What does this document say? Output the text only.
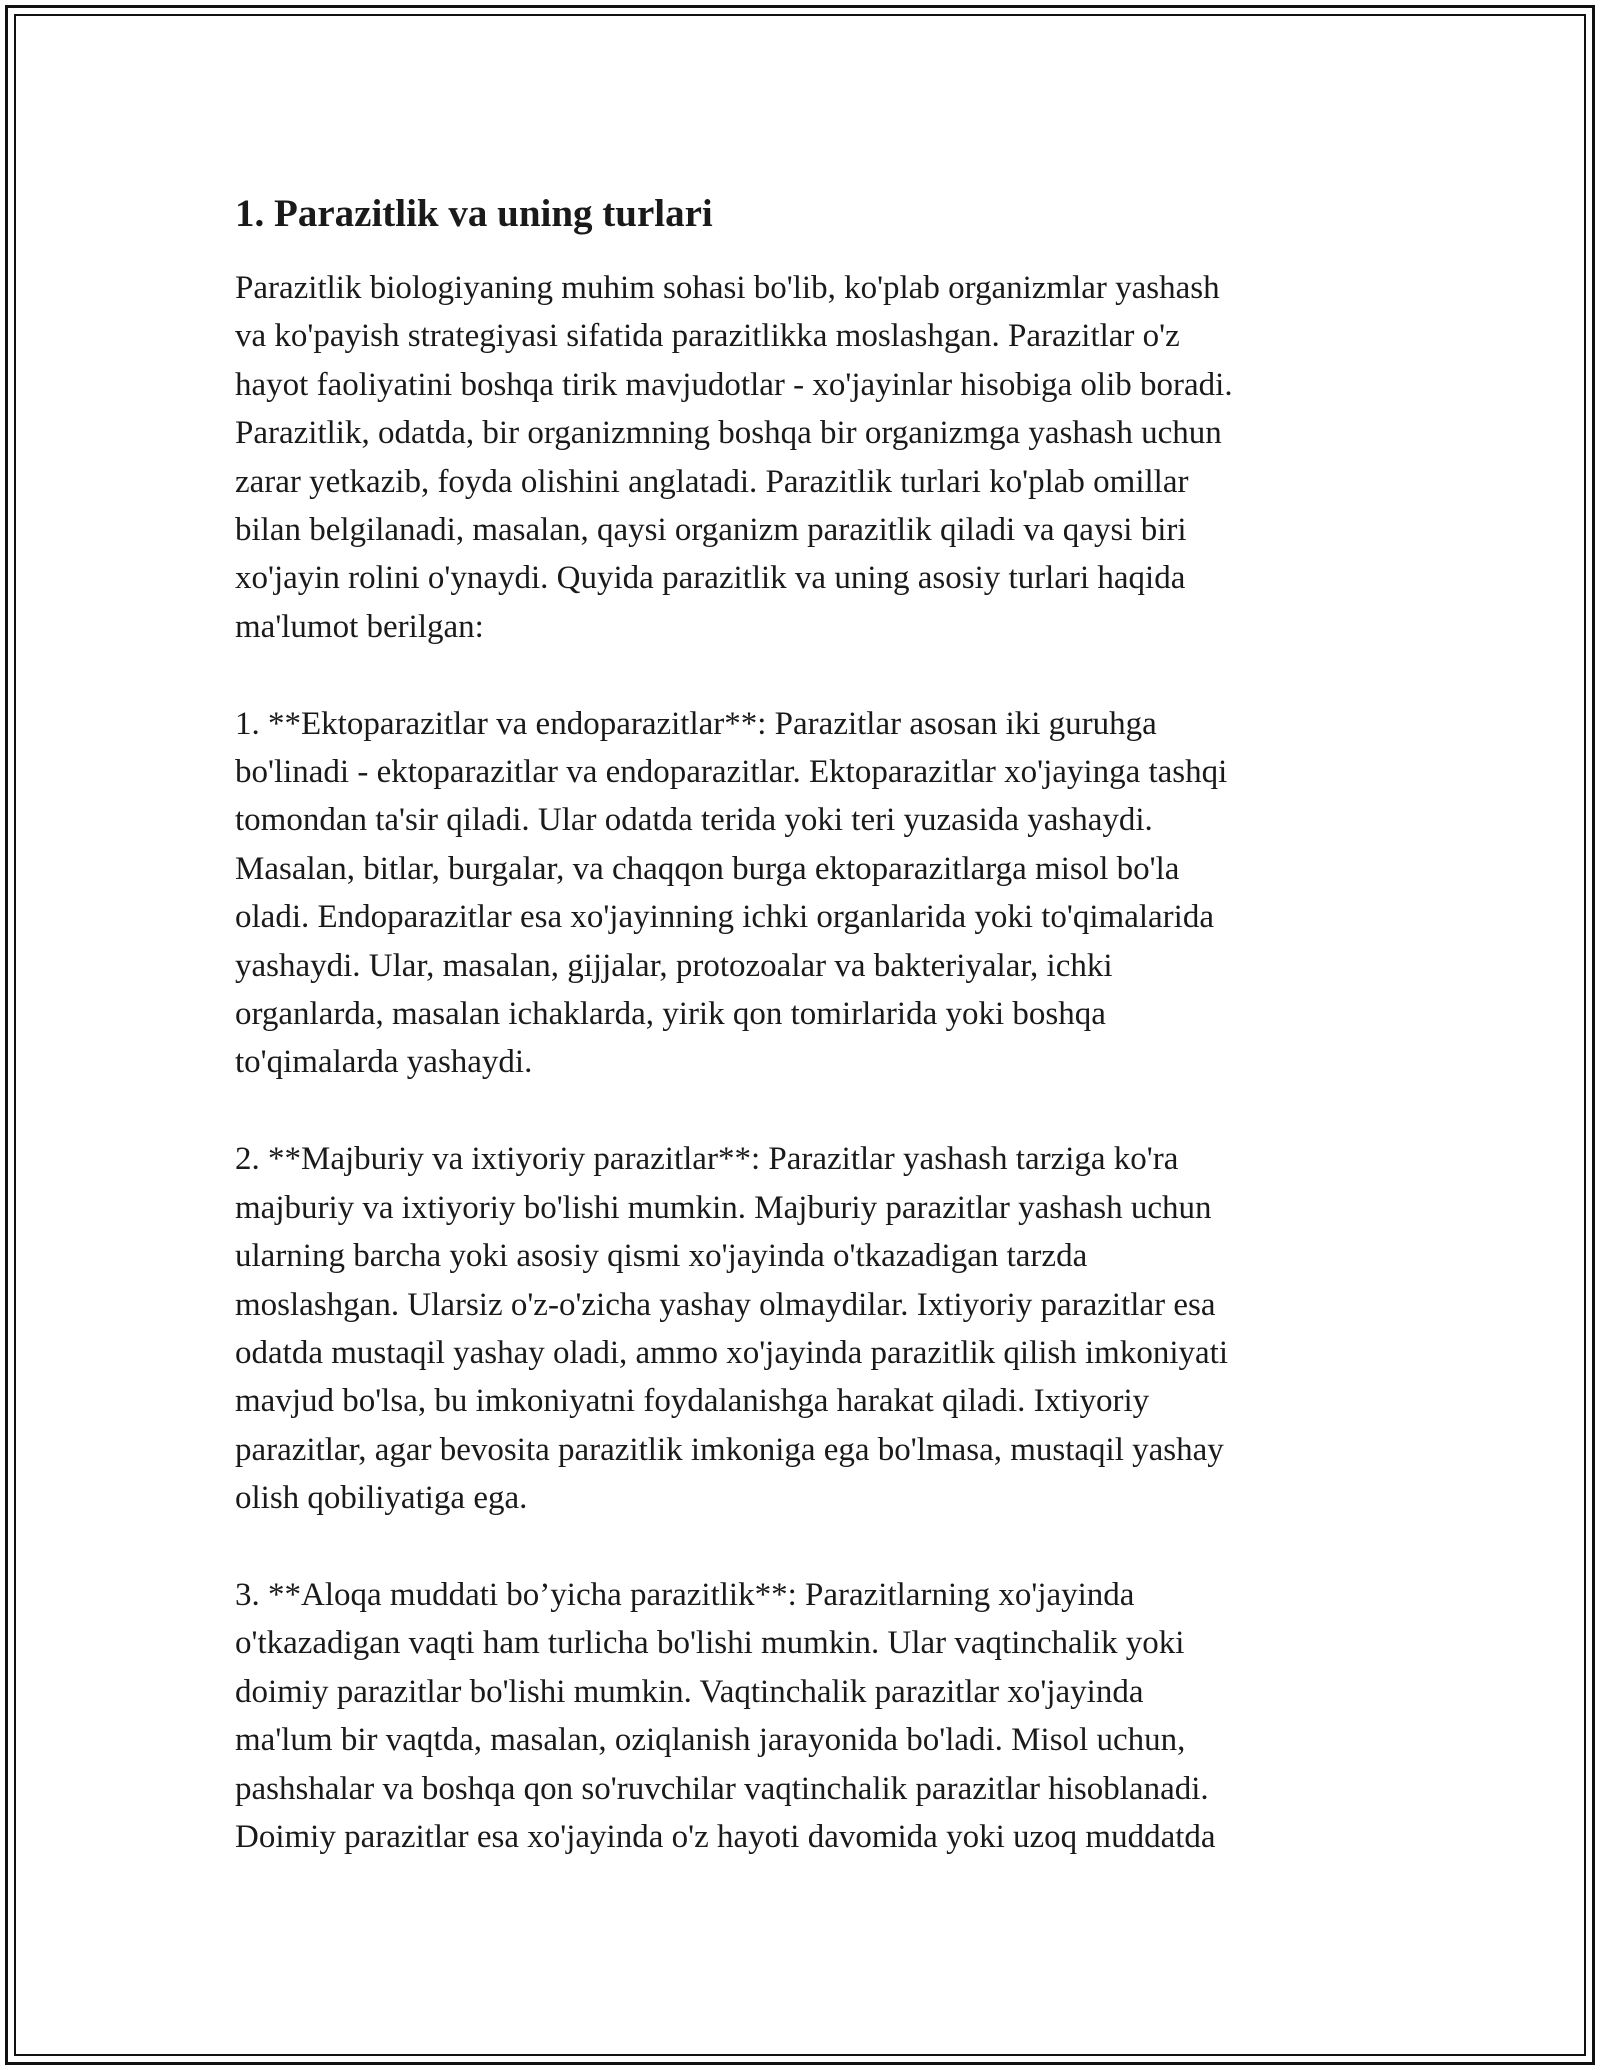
1. Parazitlik va uning turlari

Parazitlik biologiyaning muhim sohasi bo'lib, ko'plab organizmlar yashash
va ko'payish strategiyasi sifatida parazitlikka moslashgan. Parazitlar o'z
hayot faoliyatini boshqa tirik mavjudotlar - xo'jayinlar hisobiga olib boradi.
Parazitlik, odatda, bir organizmning boshqa bir organizmga yashash uchun
zarar yetkazib, foyda olishini anglatadi. Parazitlik turlari ko'plab omillar
bilan belgilanadi, masalan, qaysi organizm parazitlik qiladi va qaysi biri
xo'jayin rolini o'ynaydi. Quyida parazitlik va uning asosiy turlari haqida
ma'lumot berilgan:

1. **Ektoparazitlar va endoparazitlar**: Parazitlar asosan iki guruhga
bo'linadi - ektoparazitlar va endoparazitlar. Ektoparazitlar xo'jayinga tashqi
tomondan ta'sir qiladi. Ular odatda terida yoki teri yuzasida yashaydi.
Masalan, bitlar, burgalar, va chaqqon burga ektoparazitlarga misol bo'la
oladi. Endoparazitlar esa xo'jayinning ichki organlarida yoki to'qimalarida
yashaydi. Ular, masalan, gijjalar, protozoalar va bakteriyalar, ichki
organlarda, masalan ichaklarda, yirik qon tomirlarida yoki boshqa
to'qimalarda yashaydi.

2. **Majburiy va ixtiyoriy parazitlar**: Parazitlar yashash tarziga ko'ra
majburiy va ixtiyoriy bo'lishi mumkin. Majburiy parazitlar yashash uchun
ularning barcha yoki asosiy qismi xo'jayinda o'tkazadigan tarzda
moslashgan. Ularsiz o'z-o'zicha yashay olmaydilar. Ixtiyoriy parazitlar esa
odatda mustaqil yashay oladi, ammo xo'jayinda parazitlik qilish imkoniyati
mavjud bo'lsa, bu imkoniyatni foydalanishga harakat qiladi. Ixtiyoriy
parazitlar, agar bevosita parazitlik imkoniga ega bo'lmasa, mustaqil yashay
olish qobiliyatiga ega.

3. **Aloqa muddati bo’yicha parazitlik**: Parazitlarning xo'jayinda
o'tkazadigan vaqti ham turlicha bo'lishi mumkin. Ular vaqtinchalik yoki
doimiy parazitlar bo'lishi mumkin. Vaqtinchalik parazitlar xo'jayinda
ma'lum bir vaqtda, masalan, oziqlanish jarayonida bo'ladi. Misol uchun,
pashshalar va boshqa qon so'ruvchilar vaqtinchalik parazitlar hisoblanadi.
Doimiy parazitlar esa xo'jayinda o'z hayoti davomida yoki uzoq muddatda
